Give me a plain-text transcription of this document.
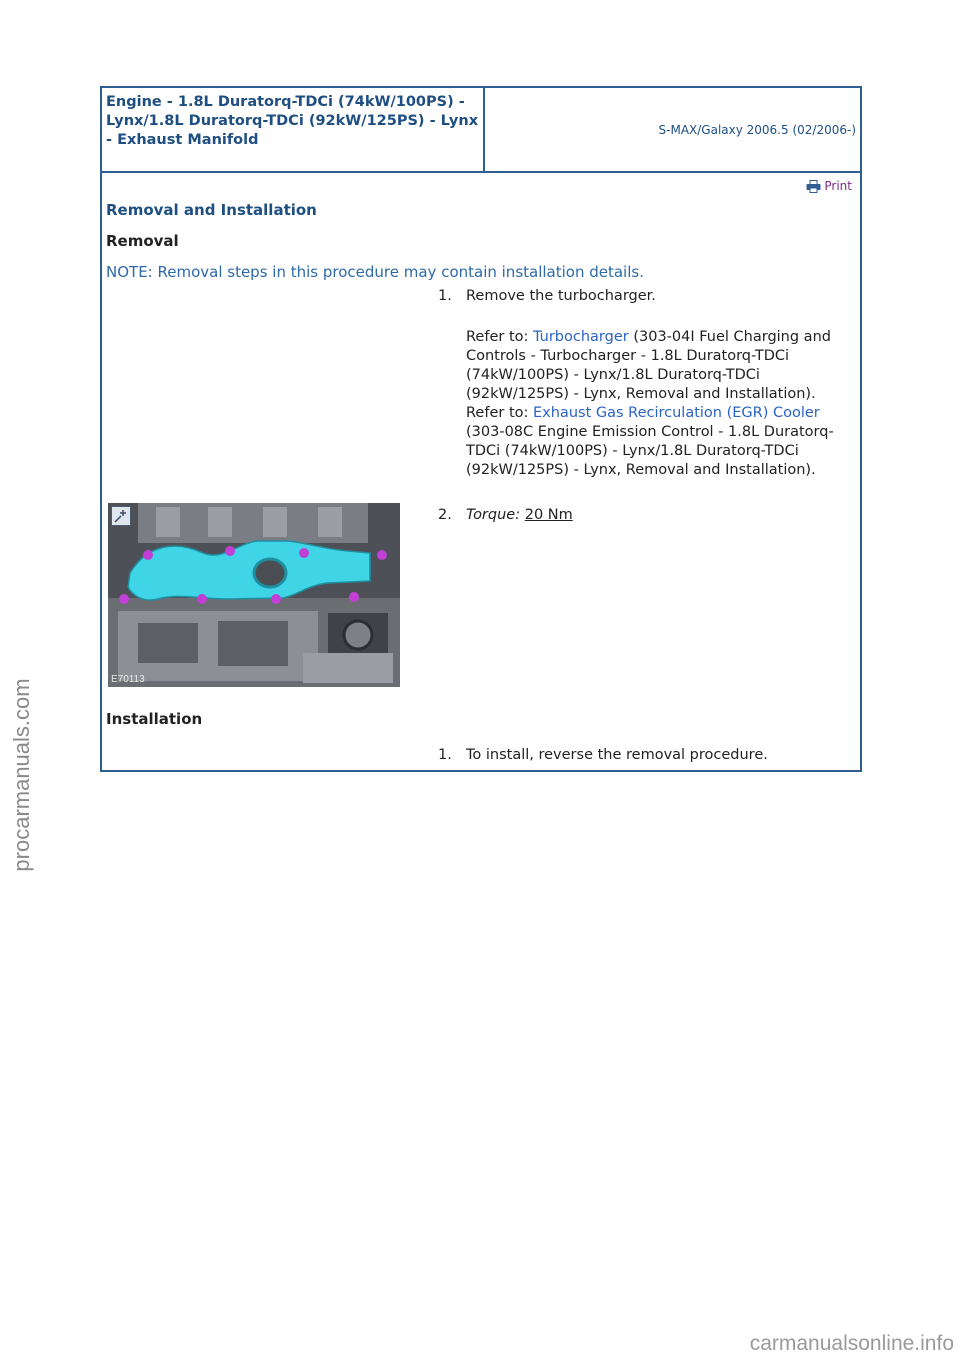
procarmanuals.com
carmanualsonline.info
Engine - 1.8L Duratorq-TDCi (74kW/100PS) - Lynx/1.8L Duratorq-TDCi (92kW/125PS) - Lynx - Exhaust Manifold
S-MAX/Galaxy 2006.5 (02/2006-)
Print
Removal and Installation
Removal
NOTE: Removal steps in this procedure may contain installation details.
1. Remove the turbocharger.
Refer to: Turbocharger (303-04I Fuel Charging and Controls - Turbocharger - 1.8L Duratorq-TDCi (74kW/100PS) - Lynx/1.8L Duratorq-TDCi (92kW/125PS) - Lynx, Removal and Installation).
Refer to: Exhaust Gas Recirculation (EGR) Cooler (303-08C Engine Emission Control - 1.8L Duratorq-TDCi (74kW/100PS) - Lynx/1.8L Duratorq-TDCi (92kW/125PS) - Lynx, Removal and Installation).
E70113
2. Torque: 20 Nm
Installation
1. To install, reverse the removal procedure.
